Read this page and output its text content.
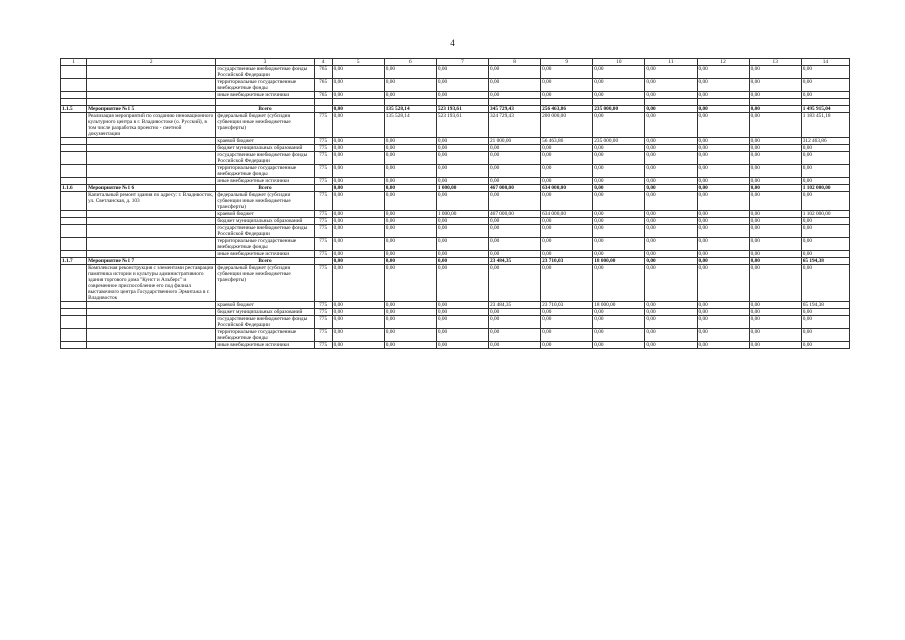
4
1	2	3	4	5	6	7	8	9	10	11	12	13	14
		государственные внебюджетные фонды Российской Федерации	765	0,00	0,00	0,00	0,00	0,00	0,00	0,00	0,00	0,00	0,00
		территориальные государственные внебюджетные фонды	765	0,00	0,00	0,00	0,00	0,00	0,00	0,00	0,00	0,00	0,00
		иные внебюджетные источники	765	0,00	0,00	0,00	0,00	0,00	0,00	0,00	0,00	0,00	0,00

1.1.5	Мероприятие №1 5	Всего		0,00	135 528,14	523 193,61	345 729,43	256 463,86	235 000,00	0,00	0,00	0,00	1 495 915,04
	Реализация мероприятий по созданию инновационного культурного центра в г. Владивостоке (о. Русский), в том числе разработка проектно - сметной документации	федеральный бюджет (субсидии субвенции иные межбюджетные трансферты)	775	0,00	135 528,14	523 193,61	324 729,43	200 000,00	0,00	0,00	0,00	0,00	1 183 451,18
		краевой бюджет	775	0,00	0,00	0,00	21 000,00	56 463,86	235 000,00	0,00	0,00	0,00	312 463,86
		бюджет муниципальных образований	775	0,00	0,00	0,00	0,00	0,00	0,00	0,00	0,00	0,00	0,00
		государственные внебюджетные фонды Российской Федерации	775	0,00	0,00	0,00	0,00	0,00	0,00	0,00	0,00	0,00	0,00
		территориальные государственные внебюджетные фонды	775	0,00	0,00	0,00	0,00	0,00	0,00	0,00	0,00	0,00	0,00
		иные внебюджетные источники	775	0,00	0,00	0,00	0,00	0,00	0,00	0,00	0,00	0,00	0,00
1.1.6	Мероприятие №1 6	Всего		0,00	0,00	1 000,00	467 000,00	634 000,00	0,00	0,00	0,00	0,00	1 102 000,00
	Капитальный ремонт здания по адресу: г. Владивосток, ул. Светланская, д. 103	федеральный бюджет (субсидии субвенции иные межбюджетные трансферты)	775	0,00	0,00	0,00	0,00	0,00	0,00	0,00	0,00	0,00	0,00
		краевой бюджет	775	0,00	0,00	1 000,00	467 000,00	634 000,00	0,00	0,00	0,00	0,00	1 102 000,00
		бюджет муниципальных образований	775	0,00	0,00	0,00	0,00	0,00	0,00	0,00	0,00	0,00	0,00
		государственные внебюджетные фонды Российской Федерации	775	0,00	0,00	0,00	0,00	0,00	0,00	0,00	0,00	0,00	0,00
		территориальные государственные внебюджетные фонды	775	0,00	0,00	0,00	0,00	0,00	0,00	0,00	0,00	0,00	0,00
		иные внебюджетные источники	775	0,00	0,00	0,00	0,00	0,00	0,00	0,00	0,00	0,00	0,00
1.1.7	Мероприятие №1 7	Всего		0,00	0,00	0,00	23 484,35	23 710,03	18 000,00	0,00	0,00	0,00	65 194,38
	Комплексная реконструкция с элементами реставрации памятника истории и культуры административного здания торгового дома "Кунст и Альберс" и современное приспособление его под филиал выставочного центра Государственного Эрмитажа в г. Владивосток	федеральный бюджет (субсидии субвенции иные межбюджетные трансферты)	775	0,00	0,00	0,00	0,00	0,00	0,00	0,00	0,00	0,00	0,00
		краевой бюджет	775	0,00	0,00	0,00	23 484,35	23 710,03	18 000,00	0,00	0,00	0,00	65 194,38
		бюджет муниципальных образований	775	0,00	0,00	0,00	0,00	0,00	0,00	0,00	0,00	0,00	0,00
		государственные внебюджетные фонды Российской Федерации	775	0,00	0,00	0,00	0,00	0,00	0,00	0,00	0,00	0,00	0,00
		территориальные государственные внебюджетные фонды	775	0,00	0,00	0,00	0,00	0,00	0,00	0,00	0,00	0,00	0,00
		иные внебюджетные источники	775	0,00	0,00	0,00	0,00	0,00	0,00	0,00	0,00	0,00	0,00
